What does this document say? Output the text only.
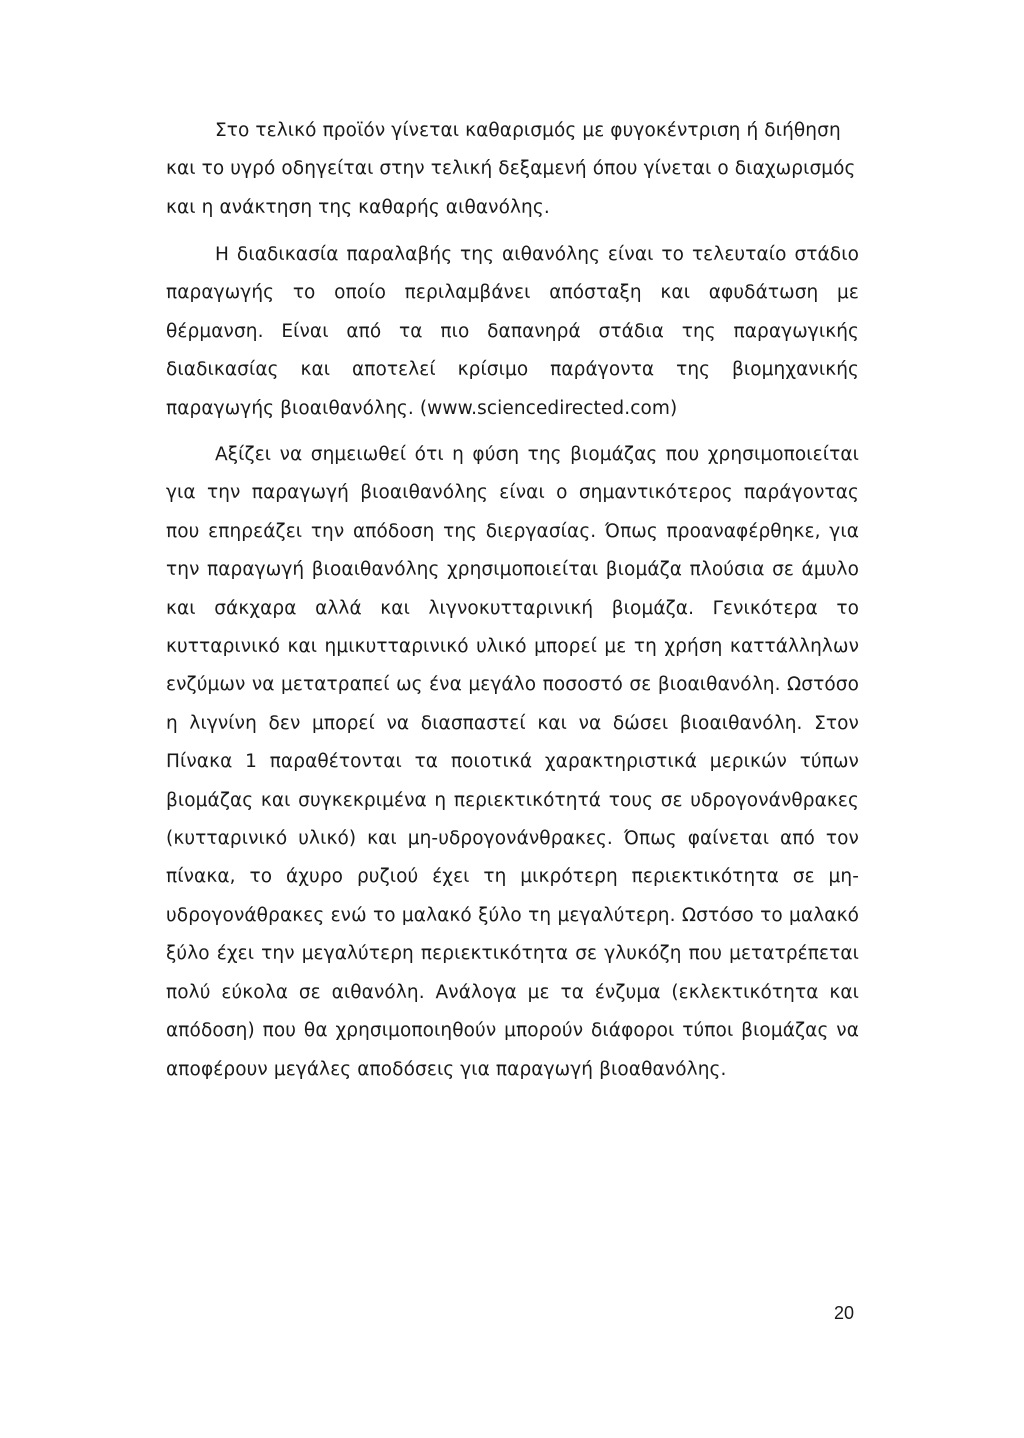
Στο τελικό προϊόν γίνεται καθαρισμός με φυγοκέντριση ή διήθηση και το υγρό οδηγείται στην τελική δεξαμενή όπου γίνεται ο διαχωρισμός και η ανάκτηση της καθαρής αιθανόλης.

Η διαδικασία παραλαβής της αιθανόλης είναι το τελευταίο στάδιο παραγωγής το οποίο περιλαμβάνει απόσταξη και αφυδάτωση με θέρμανση. Είναι από τα πιο δαπανηρά στάδια της παραγωγικής διαδικασίας και αποτελεί κρίσιμο παράγοντα της βιομηχανικής παραγωγής βιοαιθανόλης. (www.sciencedirected.com)

Αξίζει να σημειωθεί ότι η φύση της βιομάζας που χρησιμοποιείται για την παραγωγή βιοαιθανόλης είναι ο σημαντικότερος παράγοντας που επηρεάζει την απόδοση της διεργασίας. Όπως προαναφέρθηκε, για την παραγωγή βιοαιθανόλης χρησιμοποιείται βιομάζα πλούσια σε άμυλο και σάκχαρα αλλά και λιγνοκυτταρινική βιομάζα. Γενικότερα το κυτταρινικό και ημικυτταρινικό υλικό μπορεί με τη χρήση καττάλληλων ενζύμων να μετατραπεί ως ένα μεγάλο ποσοστό σε βιοαιθανόλη. Ωστόσο η λιγνίνη δεν μπορεί να διασπαστεί και να δώσει βιοαιθανόλη. Στον Πίνακα 1 παραθέτονται τα ποιοτικά χαρακτηριστικά μερικών τύπων βιομάζας και συγκεκριμένα η περιεκτικότητά τους σε υδρογονάνθρακες (κυτταρινικό υλικό) και μη-υδρογονάνθρακες. Όπως φαίνεται από τον πίνακα, το άχυρο ρυζιού έχει τη μικρότερη περιεκτικότητα σε μη-υδρογονάθρακες ενώ το μαλακό ξύλο τη μεγαλύτερη. Ωστόσο το μαλακό ξύλο έχει την μεγαλύτερη περιεκτικότητα σε γλυκόζη που μετατρέπεται πολύ εύκολα σε αιθανόλη. Ανάλογα με τα ένζυμα (εκλεκτικότητα και απόδοση) που θα χρησιμοποιηθούν μπορούν διάφοροι τύποι βιομάζας να αποφέρουν μεγάλες αποδόσεις για παραγωγή βιοαθανόλης.

20
